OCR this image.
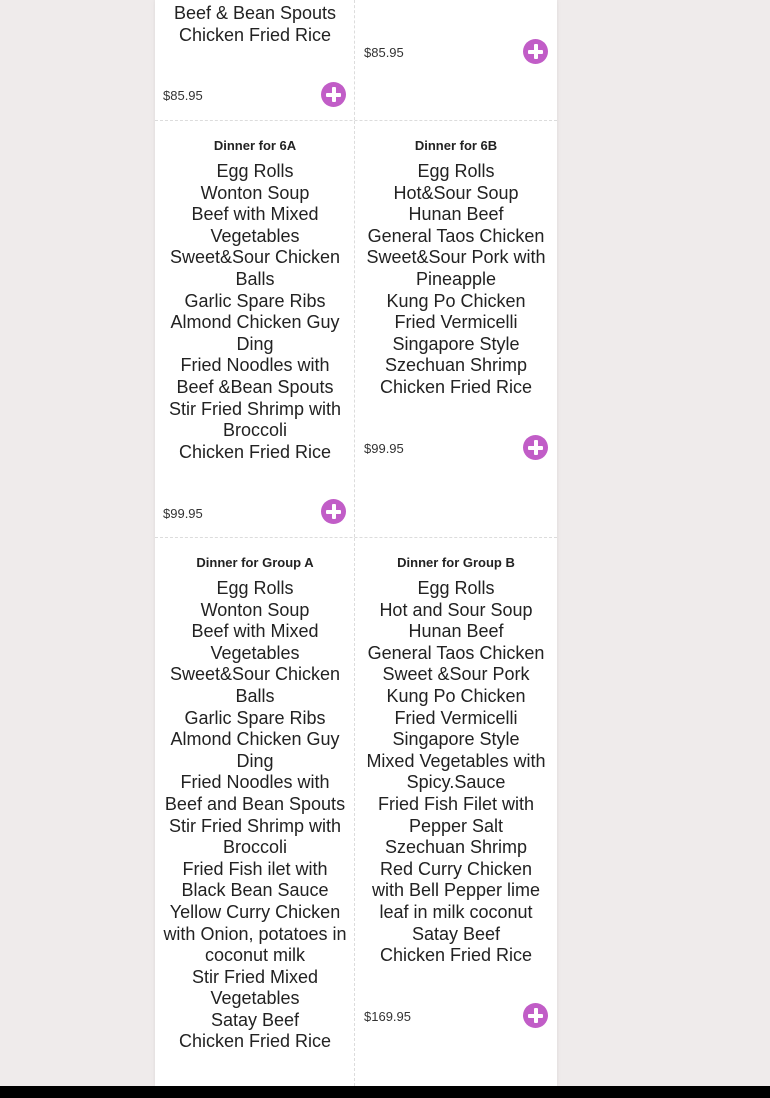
Beef & Bean Spouts
Chicken Fried Rice
$85.95
$85.95
Dinner for 6A
Egg Rolls
Wonton Soup
Beef with Mixed Vegetables
Sweet&Sour Chicken Balls
Garlic Spare Ribs
Almond Chicken Guy Ding
Fried Noodles with Beef &Bean Spouts
Stir Fried Shrimp with Broccoli
Chicken Fried Rice
$99.95
Dinner for 6B
Egg Rolls
Hot&Sour Soup
Hunan Beef
General Taos Chicken
Sweet&Sour Pork with Pineapple
Kung Po Chicken
Fried Vermicelli
Singapore Style
Szechuan Shrimp
Chicken Fried Rice
$99.95
Dinner for Group A
Egg Rolls
Wonton Soup
Beef with Mixed Vegetables
Sweet&Sour Chicken Balls
Garlic Spare Ribs
Almond Chicken Guy Ding
Fried Noodles with Beef and Bean Spouts
Stir Fried Shrimp with Broccoli
Fried Fish ilet with Black Bean Sauce
Yellow Curry Chicken with Onion, potatoes in coconut milk
Stir Fried Mixed Vegetables
Satay Beef
Chicken Fried Rice
Dinner for Group B
Egg Rolls
Hot and Sour Soup
Hunan Beef
General Taos Chicken
Sweet &Sour Pork
Kung Po Chicken
Fried Vermicelli
Singapore Style
Mixed Vegetables with Spicy.Sauce
Fried Fish Filet with Pepper Salt
Szechuan Shrimp
Red Curry Chicken with Bell Pepper lime
leaf in milk coconut
Satay Beef
Chicken Fried Rice
$169.95
